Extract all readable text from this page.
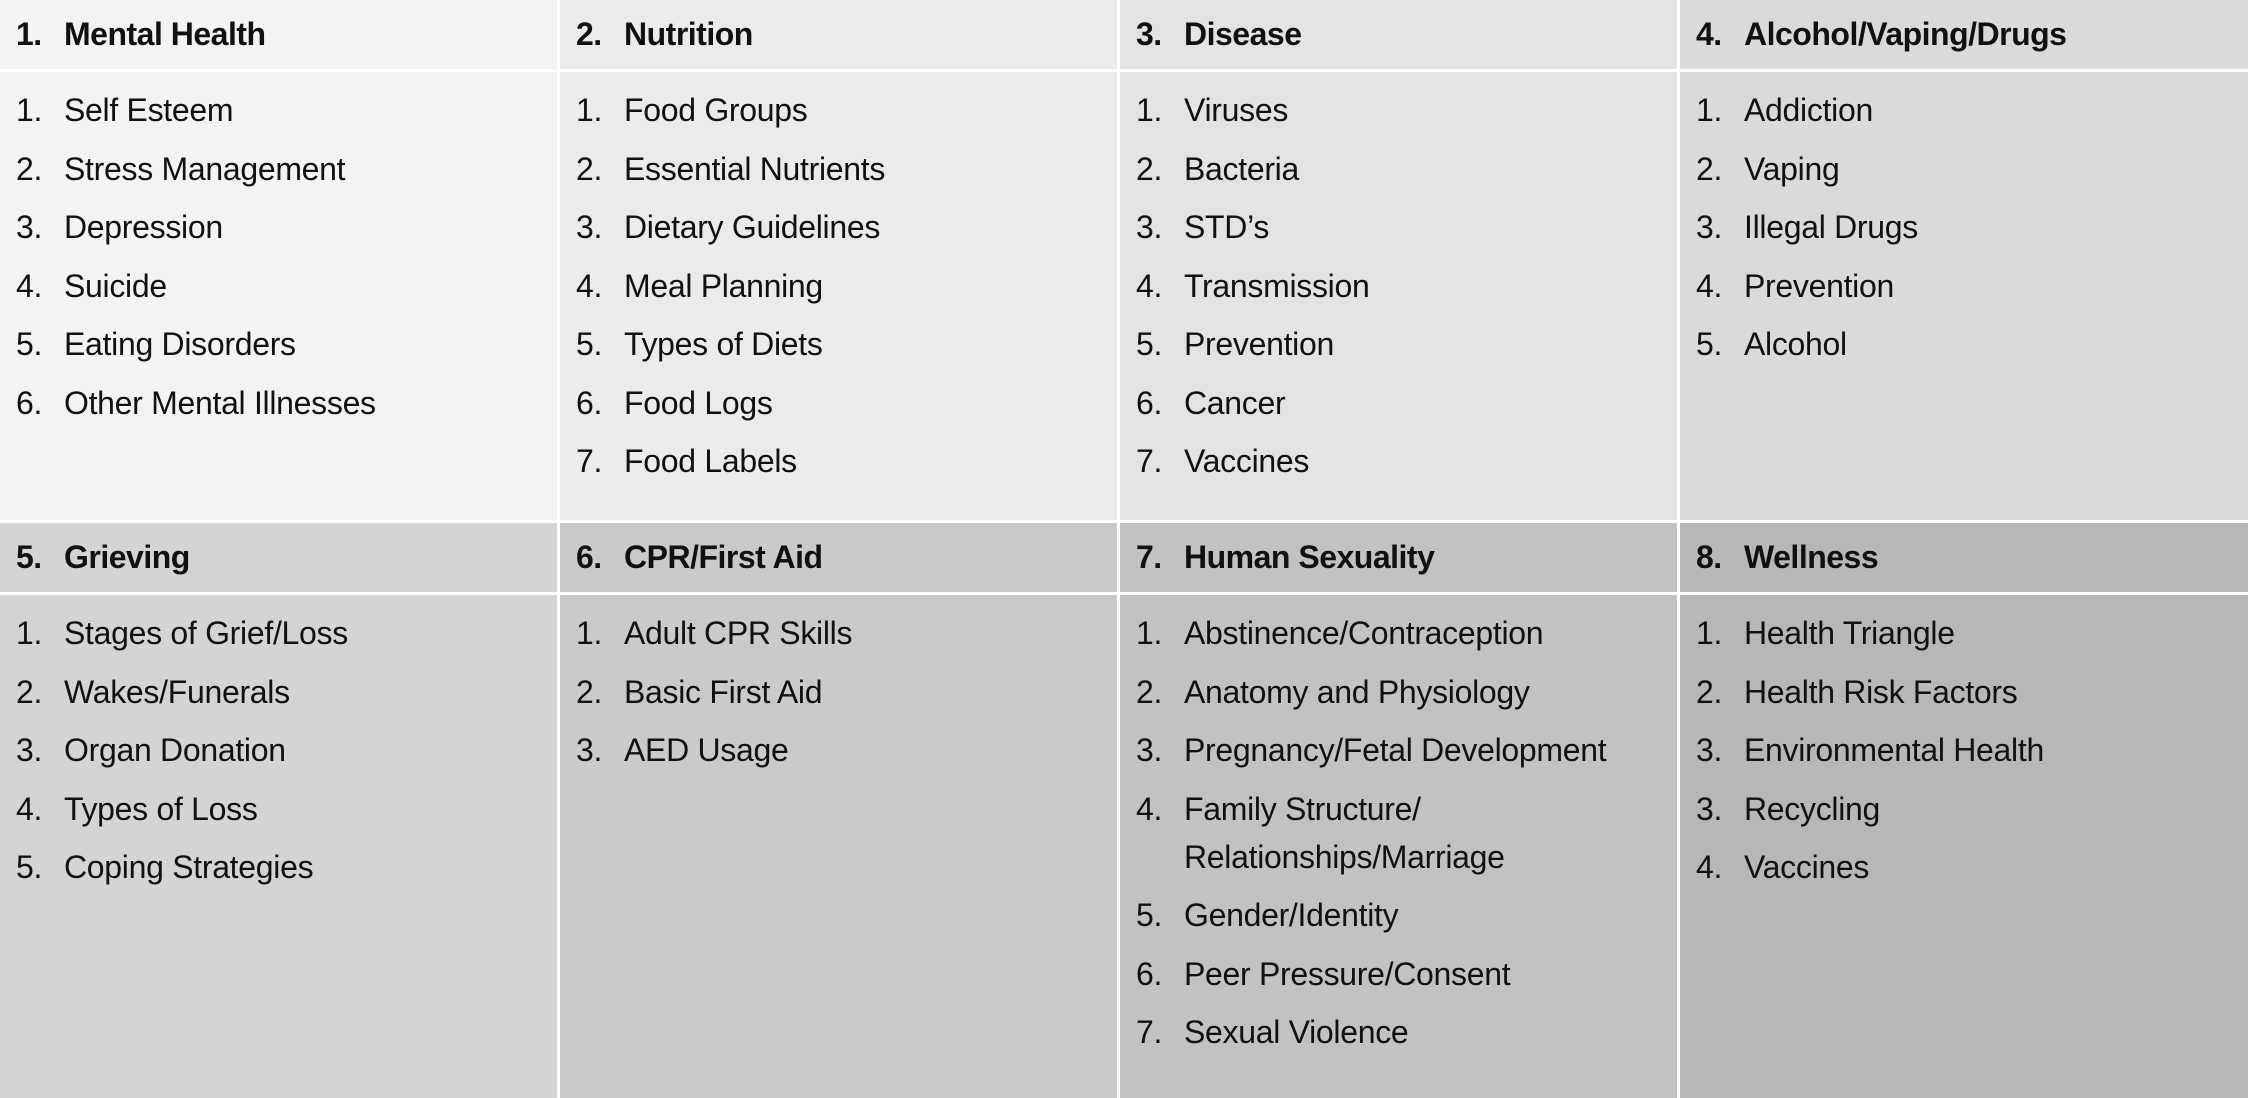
1. Mental Health
1. Self Esteem
2. Stress Management
3. Depression
4. Suicide
5. Eating Disorders
6. Other Mental Illnesses
2. Nutrition
1. Food Groups
2. Essential Nutrients
3. Dietary Guidelines
4. Meal Planning
5. Types of Diets
6. Food Logs
7. Food Labels
3. Disease
1. Viruses
2. Bacteria
3. STD’s
4. Transmission
5. Prevention
6. Cancer
7. Vaccines
4. Alcohol/Vaping/Drugs
1. Addiction
2. Vaping
3. Illegal Drugs
4. Prevention
5. Alcohol
5. Grieving
1. Stages of Grief/Loss
2. Wakes/Funerals
3. Organ Donation
4. Types of Loss
5. Coping Strategies
6. CPR/First Aid
1. Adult CPR Skills
2. Basic First Aid
3. AED Usage
7. Human Sexuality
1. Abstinence/Contraception
2. Anatomy and Physiology
3. Pregnancy/Fetal Development
4. Family Structure/ Relationships/Marriage
5. Gender/Identity
6. Peer Pressure/Consent
7. Sexual Violence
8. Wellness
1. Health Triangle
2. Health Risk Factors
3. Environmental Health
3. Recycling
4. Vaccines
